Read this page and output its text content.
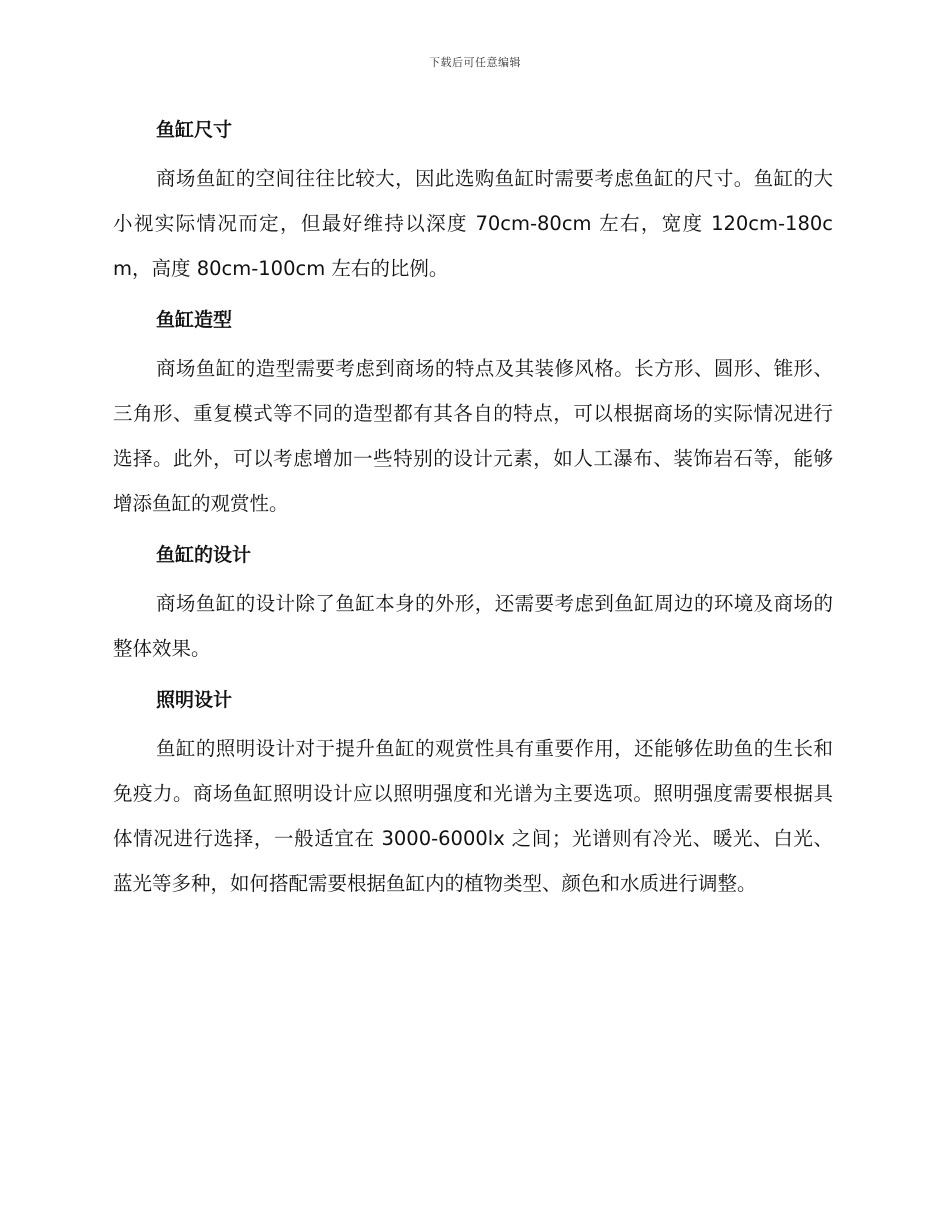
下载后可任意编辑
鱼缸尺寸

商场鱼缸的空间往往比较大，因此选购鱼缸时需要考虑鱼缸的尺寸。鱼缸的大小视实际情况而定，但最好维持以深度 70cm-80cm 左右，宽度 120cm-180cm，高度 80cm-100cm 左右的比例。

鱼缸造型

商场鱼缸的造型需要考虑到商场的特点及其装修风格。长方形、圆形、锥形、三角形、重复模式等不同的造型都有其各自的特点，可以根据商场的实际情况进行选择。此外，可以考虑增加一些特别的设计元素，如人工瀑布、装饰岩石等，能够增添鱼缸的观赏性。

鱼缸的设计

商场鱼缸的设计除了鱼缸本身的外形，还需要考虑到鱼缸周边的环境及商场的整体效果。

照明设计

鱼缸的照明设计对于提升鱼缸的观赏性具有重要作用，还能够佐助鱼的生长和免疫力。商场鱼缸照明设计应以照明强度和光谱为主要选项。照明强度需要根据具体情况进行选择，一般适宜在 3000-6000lx 之间；光谱则有冷光、暖光、白光、蓝光等多种，如何搭配需要根据鱼缸内的植物类型、颜色和水质进行调整。
